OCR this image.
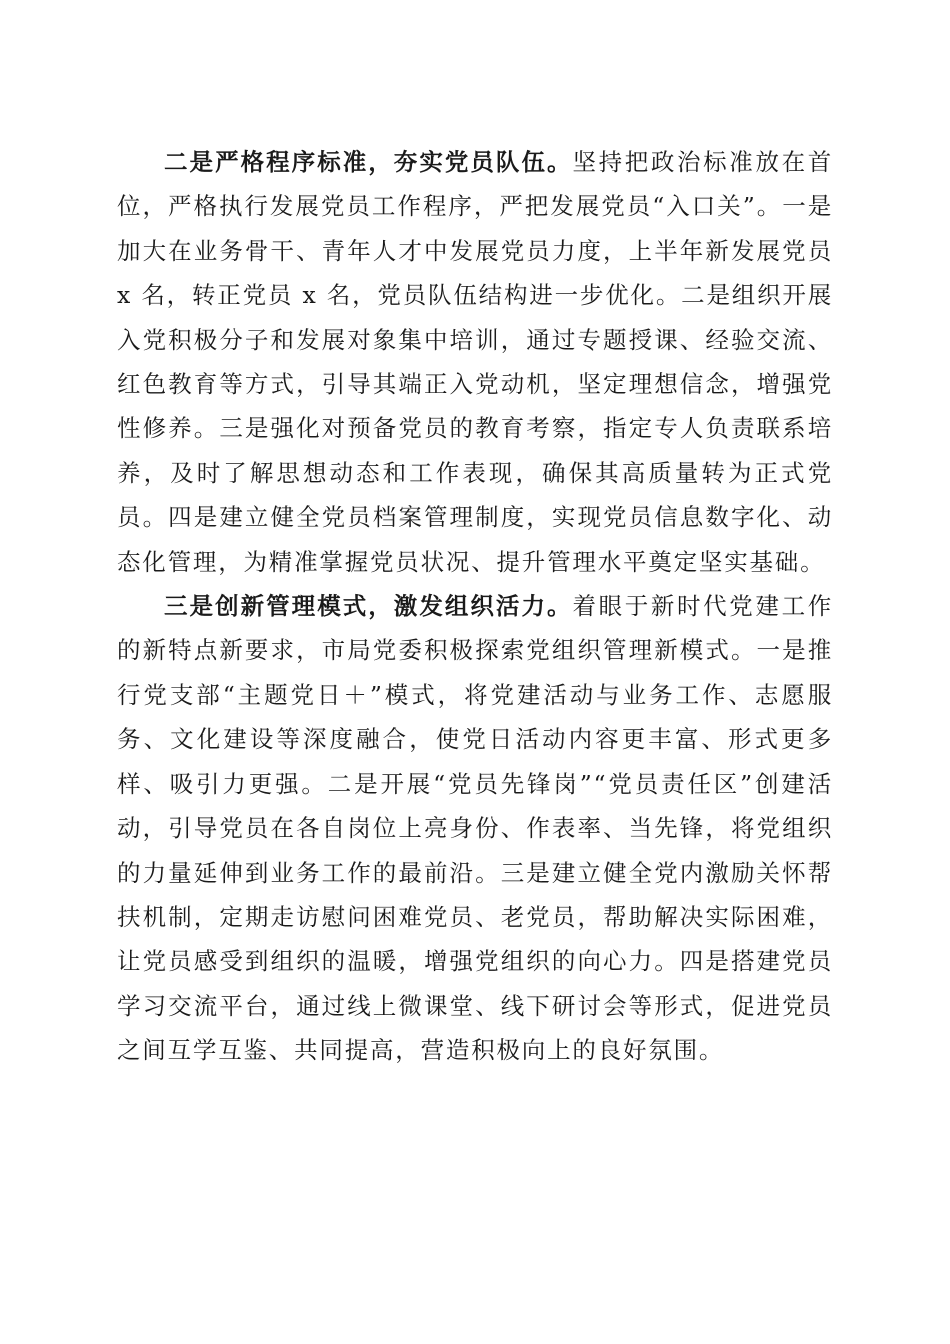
二是严格程序标准，夯实党员队伍。坚持把政治标准放在首位，严格执行发展党员工作程序，严把发展党员“入口关”。一是加大在业务骨干、青年人才中发展党员力度，上半年新发展党员 x 名，转正党员 x 名，党员队伍结构进一步优化。二是组织开展入党积极分子和发展对象集中培训，通过专题授课、经验交流、红色教育等方式，引导其端正入党动机，坚定理想信念，增强党性修养。三是强化对预备党员的教育考察，指定专人负责联系培养，及时了解思想动态和工作表现，确保其高质量转为正式党员。四是建立健全党员档案管理制度，实现党员信息数字化、动态化管理，为精准掌握党员状况、提升管理水平奠定坚实基础。

三是创新管理模式，激发组织活力。着眼于新时代党建工作的新特点新要求，市局党委积极探索党组织管理新模式。一是推行党支部“主题党日＋”模式，将党建活动与业务工作、志愿服务、文化建设等深度融合，使党日活动内容更丰富、形式更多样、吸引力更强。二是开展“党员先锋岗”“党员责任区”创建活动，引导党员在各自岗位上亮身份、作表率、当先锋，将党组织的力量延伸到业务工作的最前沿。三是建立健全党内激励关怀帮扶机制，定期走访慰问困难党员、老党员，帮助解决实际困难，让党员感受到组织的温暖，增强党组织的向心力。四是搭建党员学习交流平台，通过线上微课堂、线下研讨会等形式，促进党员之间互学互鉴、共同提高，营造积极向上的良好氛围。
